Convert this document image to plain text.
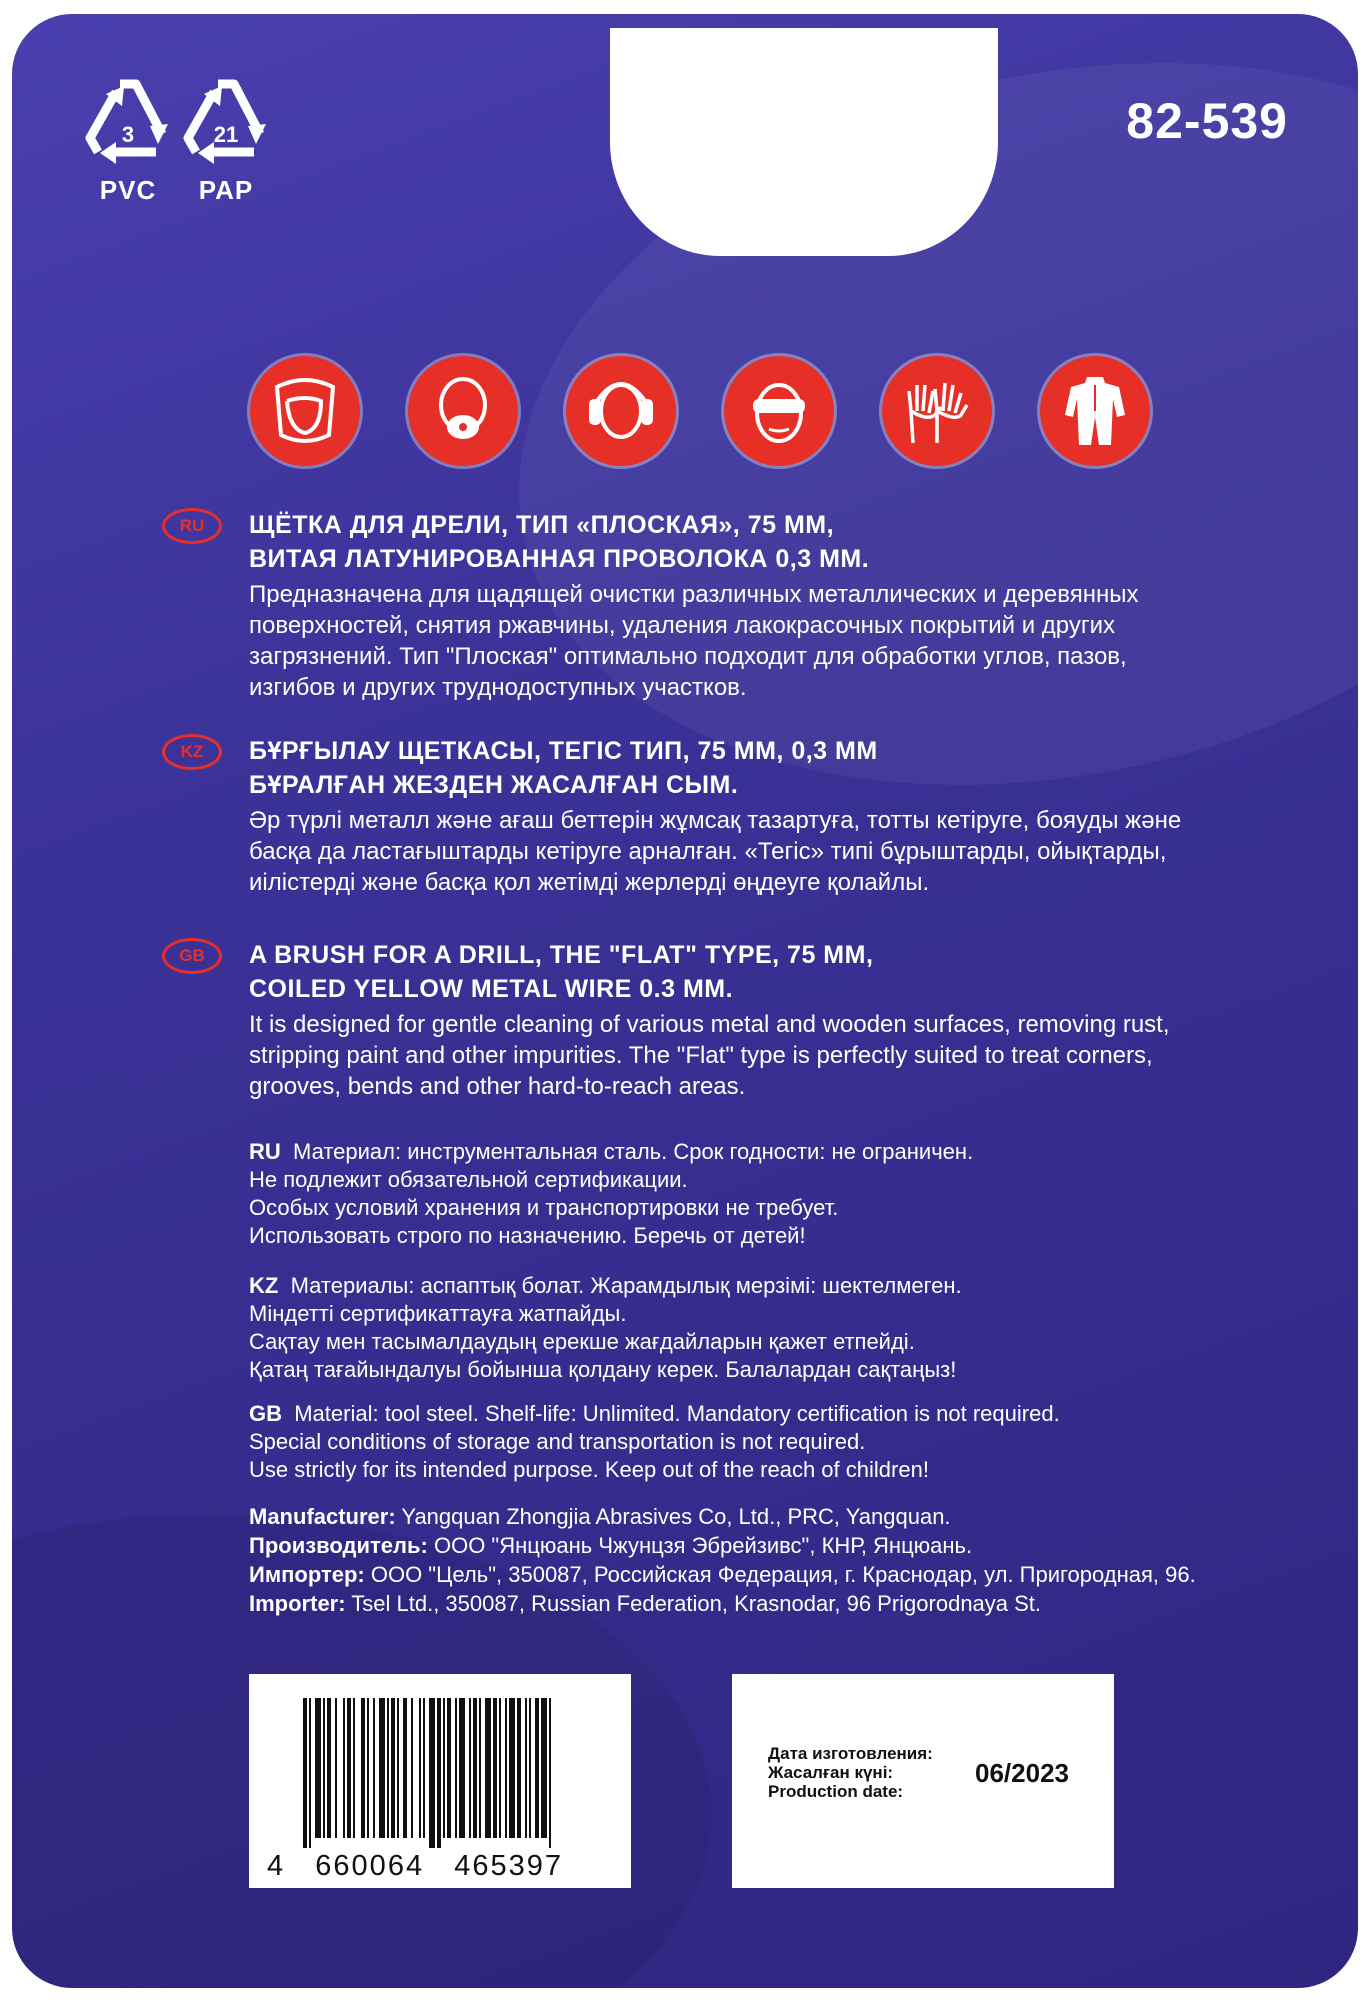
3
PVC
21
PAP
82-539
RU	ЩЁТКА ДЛЯ ДРЕЛИ, ТИП «ПЛОСКАЯ», 75 ММ,
ВИТАЯ ЛАТУНИРОВАННАЯ ПРОВОЛОКА 0,3 ММ.
Предназначена для щадящей очистки различных металлических и деревянных
поверхностей, снятия ржавчины, удаления лакокрасочных покрытий и других
загрязнений. Тип "Плоская" оптимально подходит для обработки углов, пазов,
изгибов и других труднодоступных участков.
KZ	БҰРҒЫЛАУ ЩЕТКАСЫ, ТЕГІС ТИП, 75 ММ, 0,3 ММ
БҰРАЛҒАН ЖЕЗДЕН ЖАСАЛҒАН СЫМ.
Әр түрлі металл және ағаш беттерін жұмсақ тазартуға, тотты кетіруге, бояуды және
басқа да ластағыштарды кетіруге арналған. «Тегіс» типі бұрыштарды, ойықтарды,
иілістерді және басқа қол жетімді жерлерді өңдеуге қолайлы.
GB	A BRUSH FOR A DRILL, THE "FLAT" TYPE, 75 MM,
COILED YELLOW METAL WIRE 0.3 MM.
It is designed for gentle cleaning of various metal and wooden surfaces, removing rust,
stripping paint and other impurities. The "Flat" type is perfectly suited to treat corners,
grooves, bends and other hard-to-reach areas.
RU Материал: инструментальная сталь. Срок годности: не ограничен.
Не подлежит обязательной сертификации.
Особых условий хранения и транспортировки не требует.
Использовать строго по назначению. Беречь от детей!
KZ Материалы: аспаптық болат. Жарамдылық мерзімі: шектелмеген.
Міндетті сертификаттауға жатпайды.
Сақтау мен тасымалдаудың ерекше жағдайларын қажет етпейді.
Қатаң тағайындалуы бойынша қолдану керек. Балалардан сақтаңыз!
GB Material: tool steel. Shelf-life: Unlimited. Mandatory certification is not required.
Special conditions of storage and transportation is not required.
Use strictly for its intended purpose. Keep out of the reach of children!
Manufacturer: Yangquan Zhongjia Abrasives Co, Ltd., PRC, Yangquan.
Производитель: ООО "Янцюань Чжунцзя Эбрейзивс", КНР, Янцюань.
Импортер: ООО "Цель", 350087, Российская Федерация, г. Краснодар, ул. Пригородная, 96.
Importer: Tsel Ltd., 350087, Russian Federation, Krasnodar, 96 Prigorodnaya St.
4   660064   465397
Дата изготовления:
Жасалған күні:
Production date:
06/2023
